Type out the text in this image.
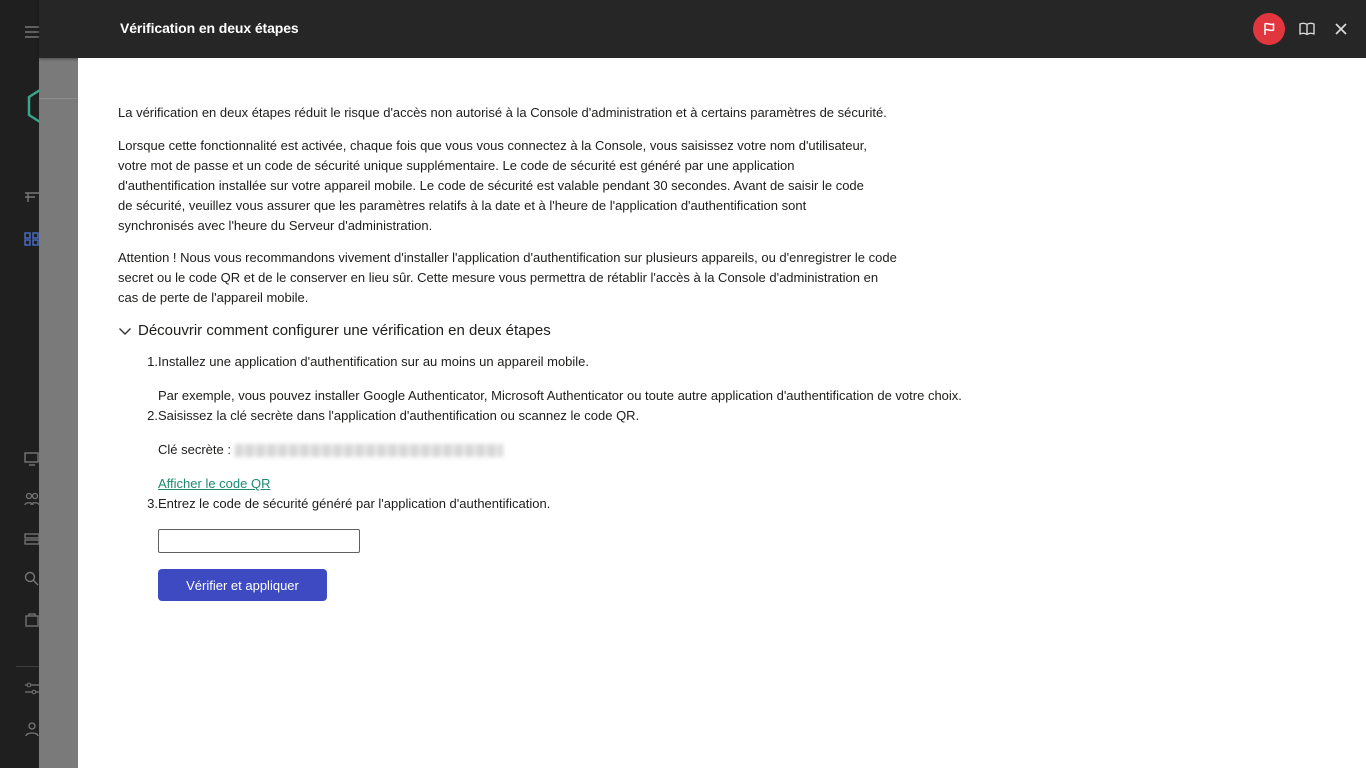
Vérification en deux étapes
La vérification en deux étapes réduit le risque d'accès non autorisé à la Console d'administration et à certains paramètres de sécurité.
Lorsque cette fonctionnalité est activée, chaque fois que vous vous connectez à la Console, vous saisissez votre nom d'utilisateur, votre mot de passe et un code de sécurité unique supplémentaire. Le code de sécurité est généré par une application d'authentification installée sur votre appareil mobile. Le code de sécurité est valable pendant 30 secondes. Avant de saisir le code de sécurité, veuillez vous assurer que les paramètres relatifs à la date et à l'heure de l'application d'authentification sont synchronisés avec l'heure du Serveur d'administration.
Attention ! Nous vous recommandons vivement d'installer l'application d'authentification sur plusieurs appareils, ou d'enregistrer le code secret ou le code QR et de le conserver en lieu sûr. Cette mesure vous permettra de rétablir l'accès à la Console d'administration en cas de perte de l'appareil mobile.
Découvrir comment configurer une vérification en deux étapes
1. Installez une application d'authentification sur au moins un appareil mobile.
Par exemple, vous pouvez installer Google Authenticator, Microsoft Authenticator ou toute autre application d'authentification de votre choix.
2. Saisissez la clé secrète dans l'application d'authentification ou scannez le code QR.
Clé secrète :
Afficher le code QR
3. Entrez le code de sécurité généré par l'application d'authentification.
Vérifier et appliquer
